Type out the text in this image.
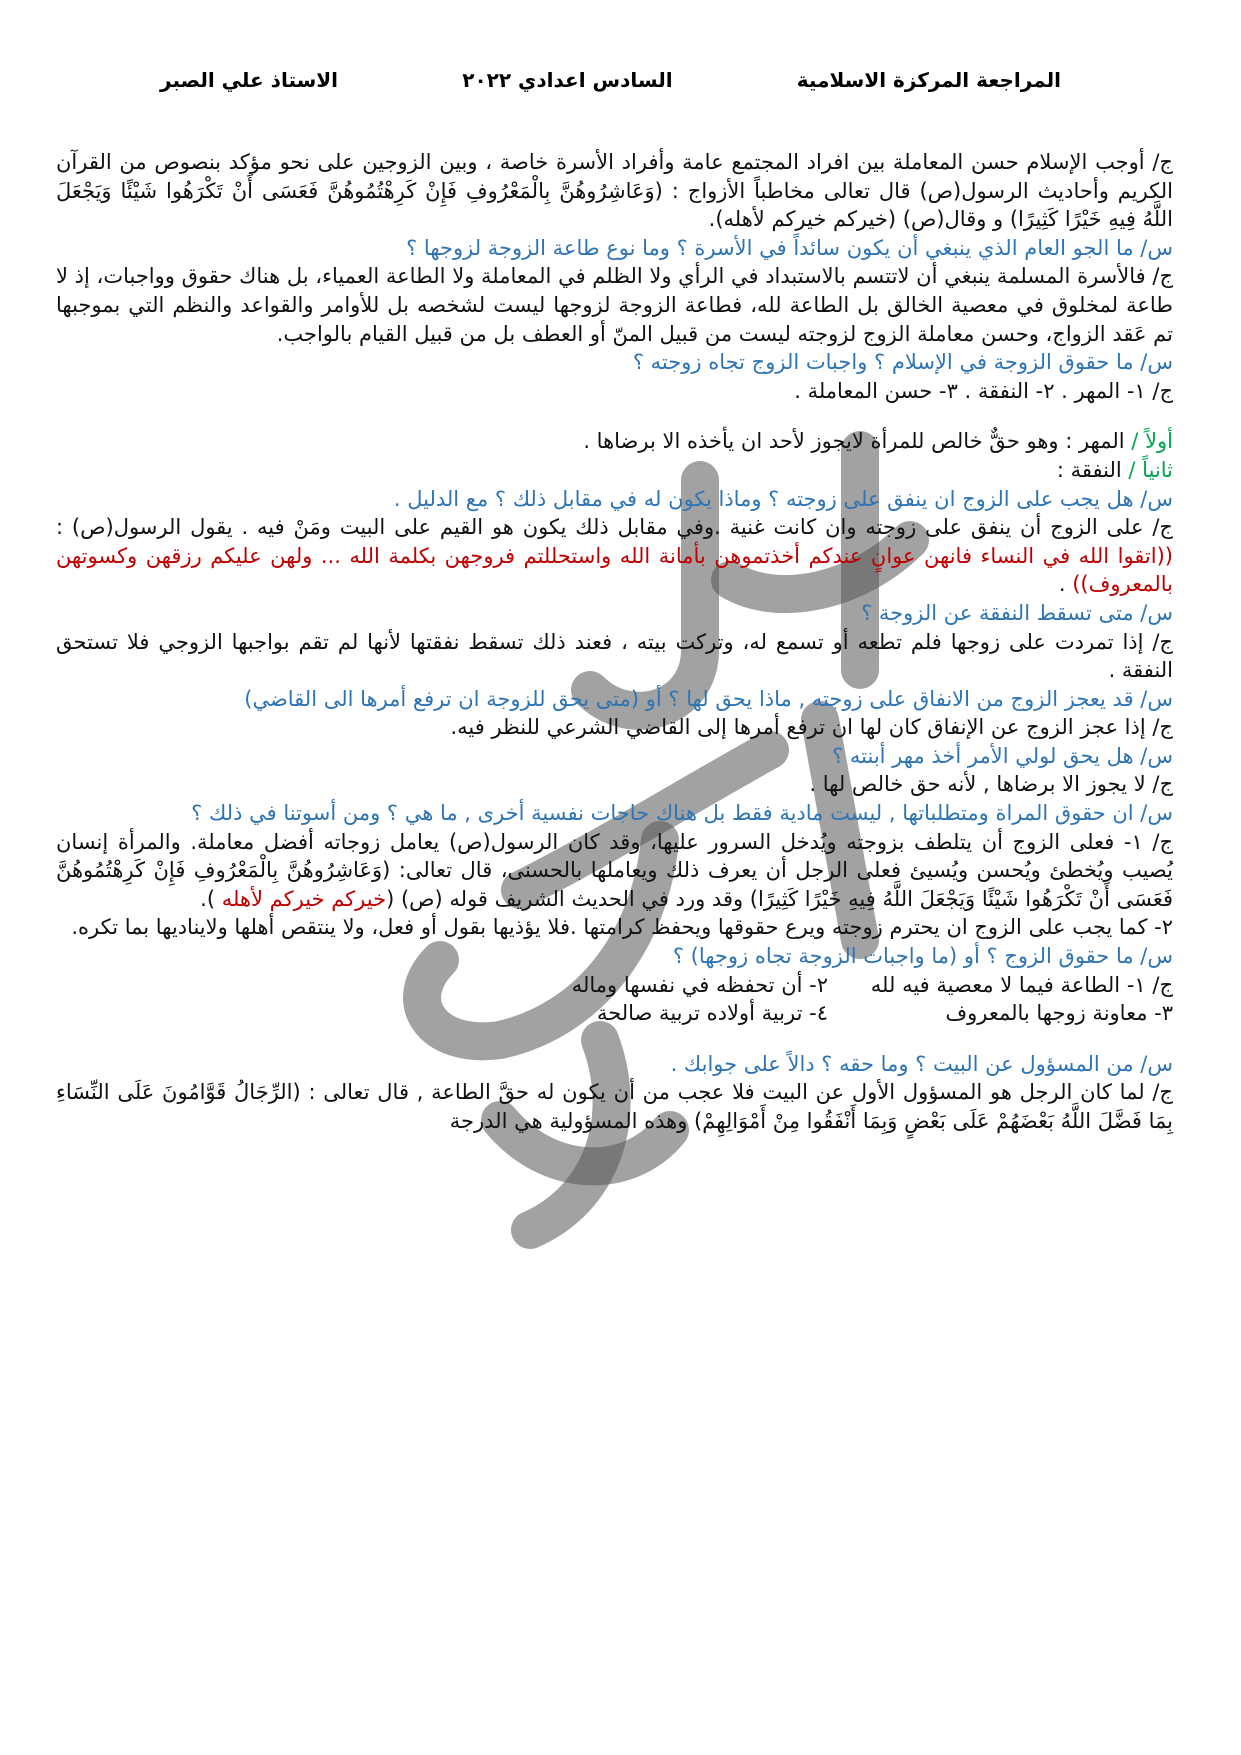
المراجعة المركزة الاسلامية
السادس اعدادي ٢٠٢٢
الاستاذ علي الصبر

ج/ أوجب الإسلام حسن المعاملة بين افراد المجتمع عامة وأفراد الأسرة خاصة ، وبين الزوجين على نحو مؤكد بنصوص من القرآن الكريم وأحاديث الرسول(ص) قال تعالى مخاطباً الأزواج : (وَعَاشِرُوهُنَّ بِالْمَعْرُوفِ فَإِنْ كَرِهْتُمُوهُنَّ فَعَسَى أَنْ تَكْرَهُوا شَيْئًا وَيَجْعَلَ اللَّهُ فِيهِ خَيْرًا كَثِيرًا) و وقال(ص) (خيركم خيركم لأهله).

س/ ما الجو العام الذي ينبغي أن يكون سائداً في الأسرة ؟ وما نوع طاعة الزوجة لزوجها ؟

ج/ فالأسرة المسلمة ينبغي أن لاتتسم بالاستبداد في الرأي ولا الظلم في المعاملة ولا الطاعة العمياء، بل هناك حقوق وواجبات، إذ لا طاعة لمخلوق في معصية الخالق بل الطاعة لله، فطاعة الزوجة لزوجها ليست لشخصه بل للأوامر والقواعد والنظم التي بموجبها تم عَقد الزواج، وحسن معاملة الزوج لزوجته ليست من قبيل المنّ أو العطف بل من قبيل القيام بالواجب.

س/ ما حقوق الزوجة في الإسلام ؟ واجبات الزوج تجاه زوجته ؟

ج/ ١- المهر . ٢- النفقة . ٣- حسن المعاملة .

أولاً / المهر : وهو حقٌّ خالص للمرأة لايجوز لأحد ان يأخذه الا برضاها .

ثانياً / النفقة :

س/ هل يجب على الزوج ان ينفق على زوجته ؟ وماذا يكون له في مقابل ذلك ؟ مع الدليل .

ج/ على الزوج أن ينفق على زوجته وان كانت غنية .وفي مقابل ذلك يكون هو القيم على البيت ومَنْ فيه . يقول الرسول(ص) : ((اتقوا الله في النساء فانهن عوانٍ عندكم أخذتموهن بأمانة الله واستحللتم فروجهن بكلمة الله ... ولهن عليكم رزقهن وكسوتهن بالمعروف)) .

س/ متى تسقط النفقة عن الزوجة ؟

ج/ إذا تمردت على زوجها فلم تطعه أو تسمع له، وتركت بيته ، فعند ذلك تسقط نفقتها لأنها لم تقم بواجبها الزوجي فلا تستحق النفقة .

س/ قد يعجز الزوج من الانفاق على زوجته , ماذا يحق لها ؟ أو (متى يحق للزوجة ان ترفع أمرها الى القاضي)

ج/ إذا عجز الزوج عن الإنفاق كان لها ان ترفع أمرها إلى القاضي الشرعي للنظر فيه.

س/ هل يحق لولي الأمر أخذ مهر أبنته ؟

ج/ لا يجوز الا برضاها , لأنه حق خالص لها .

س/ ان حقوق المراة ومتطلباتها , ليست مادية فقط بل هناك حاجات نفسية أخرى , ما هي ؟ ومن أسوتنا في ذلك ؟

ج/ ١- فعلى الزوج أن يتلطف بزوجته ويُدخل السرور عليها، وقد كان الرسول(ص) يعامل زوجاته أفضل معاملة. والمرأة إنسان يُصيب ويُخطئ ويُحسن ويُسيئ فعلى الرجل أن يعرف ذلك ويعاملها بالحسنى، قال تعالى: (وَعَاشِرُوهُنَّ بِالْمَعْرُوفِ فَإِنْ كَرِهْتُمُوهُنَّ فَعَسَى أَنْ تَكْرَهُوا شَيْئًا وَيَجْعَلَ اللَّهُ فِيهِ خَيْرًا كَثِيرًا) وقد ورد في الحديث الشريف قوله (ص) (خيركم خيركم لأهله ).

٢- كما يجب على الزوج ان يحترم زوجته ويرع حقوقها ويحفظ كرامتها .فلا يؤذيها بقول أو فعل، ولا ينتقص أهلها ولايناديها بما تكره.

س/ ما حقوق الزوج ؟ أو (ما واجبات الزوجة تجاه زوجها) ؟

ج/ ١- الطاعة فيما لا معصية فيه لله
٢- أن تحفظه في نفسها وماله
٣- معاونة زوجها بالمعروف
٤- تربية أولاده تربية صالحة

س/ من المسؤول عن البيت ؟ وما حقه ؟ دالاً على جوابك .

ج/ لما كان الرجل هو المسؤول الأول عن البيت فلا عجب من أن يكون له حقَّ الطاعة , قال تعالى : (الرِّجَالُ قَوَّامُونَ عَلَى النِّسَاءِ بِمَا فَضَّلَ اللَّهُ بَعْضَهُمْ عَلَى بَعْضٍ وَبِمَا أَنْفَقُوا مِنْ أَمْوَالِهِمْ) وهذه المسؤولية هي الدرجة
